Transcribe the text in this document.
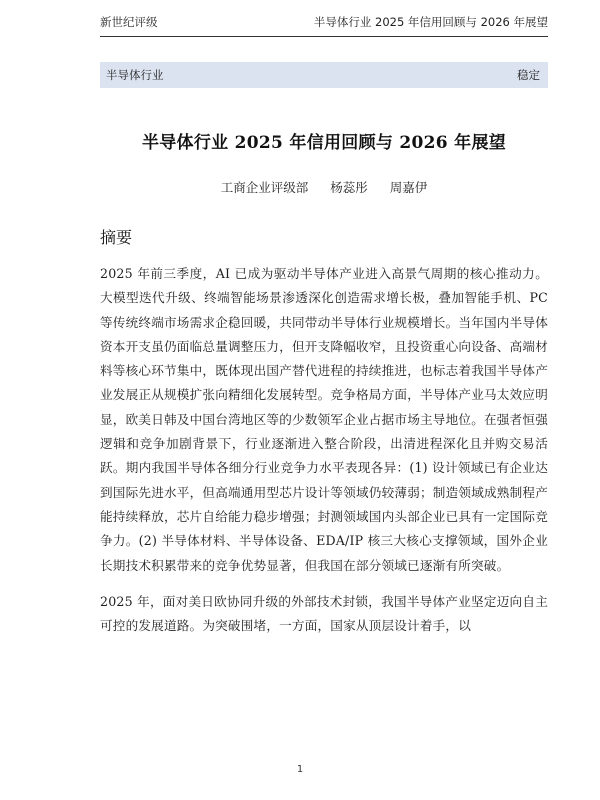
新世纪评级	半导体行业 2025 年信用回顾与 2026 年展望
半导体行业	稳定
半导体行业 2025 年信用回顾与 2026 年展望
工商企业评级部 杨蕊彤 周嘉伊
摘要

2025 年前三季度，AI 已成为驱动半导体产业进入高景气周期的核心推动力。大模型迭代升级、终端智能场景渗透深化创造需求增长极，叠加智能手机、PC 等传统终端市场需求企稳回暖，共同带动半导体行业规模增长。当年国内半导体资本开支虽仍面临总量调整压力，但开支降幅收窄，且投资重心向设备、高端材料等核心环节集中，既体现出国产替代进程的持续推进，也标志着我国半导体产业发展正从规模扩张向精细化发展转型。竞争格局方面，半导体产业马太效应明显，欧美日韩及中国台湾地区等的少数领军企业占据市场主导地位。在强者恒强逻辑和竞争加剧背景下，行业逐渐进入整合阶段，出清进程深化且并购交易活跃。期内我国半导体各细分行业竞争力水平表现各异：(1) 设计领域已有企业达到国际先进水平，但高端通用型芯片设计等领域仍较薄弱；制造领域成熟制程产能持续释放，芯片自给能力稳步增强；封测领域国内头部企业已具有一定国际竞争力。(2) 半导体材料、半导体设备、EDA/IP 核三大核心支撑领域，国外企业长期技术积累带来的竞争优势显著，但我国在部分领域已逐渐有所突破。

2025 年，面对美日欧协同升级的外部技术封锁，我国半导体产业坚定迈向自主可控的发展道路。为突破围堵，一方面，国家从顶层设计着手，以

1
